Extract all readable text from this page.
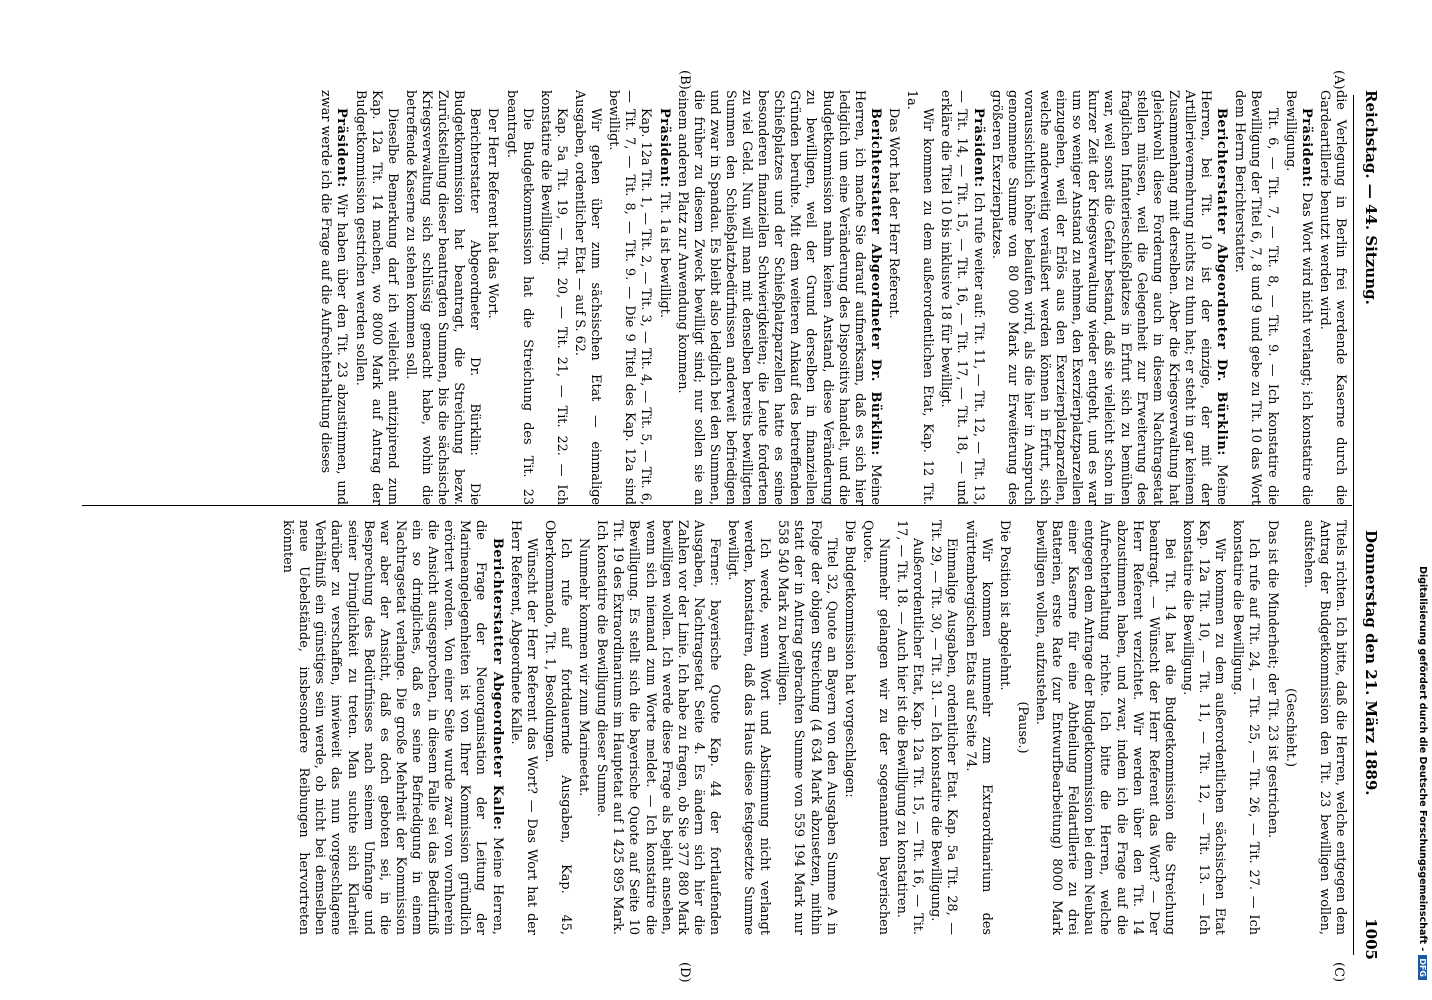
Reichstag. — 44. Sitzung.
Donnerstag den 21. März 1889.
1005
(A)
(B)
(C)
(D)

die Verlegung in Berlin frei werdende Kaserne durch die Gardeartillerie benutzt werden wird.

Präsident: Das Wort wird nicht verlangt; ich konstatire die Bewilligung.

Tit. 6, — Tit. 7, — Tit. 8, — Tit. 9. — Ich konstatire die Bewilligung der Titel 6, 7, 8 und 9 und gebe zu Tit. 10 das Wort dem Herrn Berichterstatter.

Berichterstatter Abgeordneter Dr. Bürklin: Meine Herren, bei Tit. 10 ist der einzige, der mit der Artillerievermehrung nichts zu thun hat; er steht in gar keinem Zusammenhang mit derselben. Aber die Kriegsverwaltung hat gleichwohl diese Forderung auch in diesem Nachtragsetat stellen müssen, weil die Gelegenheit zur Erweiterung des fraglichen Infanterieschießplatzes in Erfurt sich zu bemühen war, weil sonst die Gefahr bestand, daß sie vielleicht schon in kurzer Zeit der Kriegsverwaltung wieder entgeht, und es war um so weniger Anstand zu nehmen, den Exerzierplatzparzellen einzugehen, weil der Erlös aus den Exerzierplatzparzellen, welche anderweitig veräußert werden können in Erfurt, sich voraussichtlich höher belaufen wird, als die hier in Anspruch genommene Summe von 80 000 Mark zur Erweiterung des größeren Exerzierplatzes.

Präsident: Ich rufe weiter auf: Tit. 11, — Tit. 12, — Tit. 13, — Tit. 14, — Tit. 15, — Tit. 16, — Tit. 17, — Tit. 18, — und erkläre die Titel 10 bis inklusive 18 für bewilligt.

Wir kommen zu dem außerordentlichen Etat, Kap. 12 Tit. 1a.

Das Wort hat der Herr Referent.

Berichterstatter Abgeordneter Dr. Bürklin: Meine Herren, ich mache Sie darauf aufmerksam, daß es sich hier lediglich um eine Veränderung des Dispositivs handelt, und die Budgetkommission nahm keinen Anstand, diese Veränderung zu bewilligen, weil der Grund derselben in finanziellen Gründen beruhte. Mit dem weiteren Ankauf des betreffenden Schießplatzes und der Schießplatzparzellen hatte es seine besonderen finanziellen Schwierigkeiten; die Leute forderten zu viel Geld. Nun will man mit denselben bereits bewilligten Summen den Schießplatzbedürfnissen anderweit befriedigen und zwar in Spandau. Es bleibt also lediglich bei den Summen, die früher zu diesem Zweck bewilligt sind; nur sollen sie an einem anderen Platz zur Anwendung kommen.

Präsident: Tit. 1a ist bewilligt.

Kap. 12a Tit. 1, — Tit. 2, — Tit. 3, — Tit. 4, — Tit. 5, — Tit. 6, — Tit. 7, — Tit. 8, — Tit. 9. — Die 9 Titel des Kap. 12a sind bewilligt.

Wir gehen über zum sächsischen Etat — einmalige Ausgaben, ordentlicher Etat — auf S. 62.

Kap. 5a Tit. 19, — Tit. 20, — Tit. 21, — Tit. 22. — Ich konstatire die Bewilligung.

Die Budgetkommission hat die Streichung des Tit. 23 beantragt.

Der Herr Referent hat das Wort.

Berichterstatter Abgeordneter Dr. Bürklin: Die Budgetkommission hat beantragt, die Streichung bezw. Zurückstellung dieser beantragten Summen, bis die sächsische Kriegsverwaltung sich schlüssig gemacht habe, wohin die betreffende Kaserne zu stehen kommen soll.

Dieselbe Bemerkung darf ich vielleicht antizipirend zum Kap. 12a Tit. 14 machen, wo 8000 Mark auf Antrag der Budgetkommission gestrichen werden sollen.

Präsident: Wir haben über den Tit. 23 abzustimmen, und zwar werde ich die Frage auf die Aufrechterhaltung dieses

Titels richten. Ich bitte, daß die Herren, welche entgegen dem Antrag der Budgetkommission den Tit. 23 bewilligen wollen, aufstehen.

(Geschieht.)

Das ist die Minderheit; der Tit. 23 ist gestrichen.

Ich rufe auf Tit. 24, — Tit. 25, — Tit. 26, — Tit. 27. — Ich konstatire die Bewilligung.

Wir kommen zu dem außerordentlichen sächsischen Etat Kap. 12a Tit. 10, — Tit. 11, — Tit. 12, — Tit. 13. — Ich konstatire die Bewilligung.

Bei Tit. 14 hat die Budgetkommission die Streichung beantragt. — Wünscht der Herr Referent das Wort? — Der Herr Referent verzichtet. Wir werden über den Tit. 14 abzustimmen haben, und zwar, indem ich die Frage auf die Aufrechterhaltung richte. Ich bitte die Herren, welche entgegen dem Antrage der Budgetkommission bei dem Neubau einer Kaserne für eine Abtheilung Feldartillerie zu drei Batterien, erste Rate (zur Entwurfbearbeitung) 8000 Mark bewilligen wollen, aufzustehen.

(Pause.)

Die Position ist abgelehnt.

Wir kommen nunmehr zum Extraordinarium des württembergischen Etats auf Seite 74.

Einmalige Ausgaben, ordentlicher Etat. Kap. 5a Tit. 28, — Tit. 29, — Tit. 30, — Tit. 31. — Ich konstatire die Bewilligung.

Außerordentlicher Etat, Kap. 12a Tit. 15, — Tit. 16, — Tit. 17, — Tit. 18. — Auch hier ist die Bewilligung zu konstatiren.

Nunmehr gelangen wir zu der sogenannten bayerischen Quote.

Die Budgetkommission hat vorgeschlagen:

Titel 32, Quote an Bayern von den Ausgaben Summe A in Folge der obigen Streichung (4 634 Mark abzusetzen, mithin statt der in Antrag gebrachten Summe von 559 194 Mark nur 558 540 Mark zu bewilligen.

Ich werde, wenn Wort und Abstimmung nicht verlangt werden, konstatiren, daß das Haus diese festgesetzte Summe bewilligt.

Ferner: bayerische Quote Kap. 44 der fortlaufenden Ausgaben, Nachtragsetat Seite 4. Es ändern sich hier die Zahlen vor der Linie. Ich habe zu fragen, ob Sie 377 880 Mark bewilligen wollen. Ich werde diese Frage als bejaht ansehen, wenn sich niemand zum Worte meldet. — Ich konstatire die Bewilligung. Es stellt sich die bayerische Quote auf Seite 10 Tit. 19 des Extraordinariums im Hauptetat auf 1 425 895 Mark. Ich konstatire die Bewilligung dieser Summe.

Nunmehr kommen wir zum Marineetat.

Ich rufe auf fortdauernde Ausgaben, Kap. 45, Oberkommando, Tit. 1, Besoldungen.

Wünscht der Herr Referent das Wort? — Das Wort hat der Herr Referent, Abgeordnete Kalle.

Berichterstatter Abgeordneter Kalle: Meine Herren, die Frage der Neuorganisation der Leitung der Marineangelegenheiten ist von Ihrer Kommission gründlich erörtert worden. Von einer Seite wurde zwar von vornherein die Ansicht ausgesprochen, in diesem Falle sei das Bedürfniß ein so dringliches, daß es seine Befriedigung in einem Nachtragsetat verlange. Die große Mehrheit der Kommission war aber der Ansicht, daß es doch geboten sei, in die Besprechung des Bedürfnisses nach seinem Umfange und seiner Dringlichkeit zu treten. Man suchte sich Klarheit darüber zu verschaffen, inwieweit das nun vorgeschlagene Verhältniß ein günstiges sein werde, ob nicht bei demselben neue Uebelstände, insbesondere Reibungen hervortreten könnten

Digitalisierung gefördert durch die Deutsche Forschungsgemeinschaft -DFG
